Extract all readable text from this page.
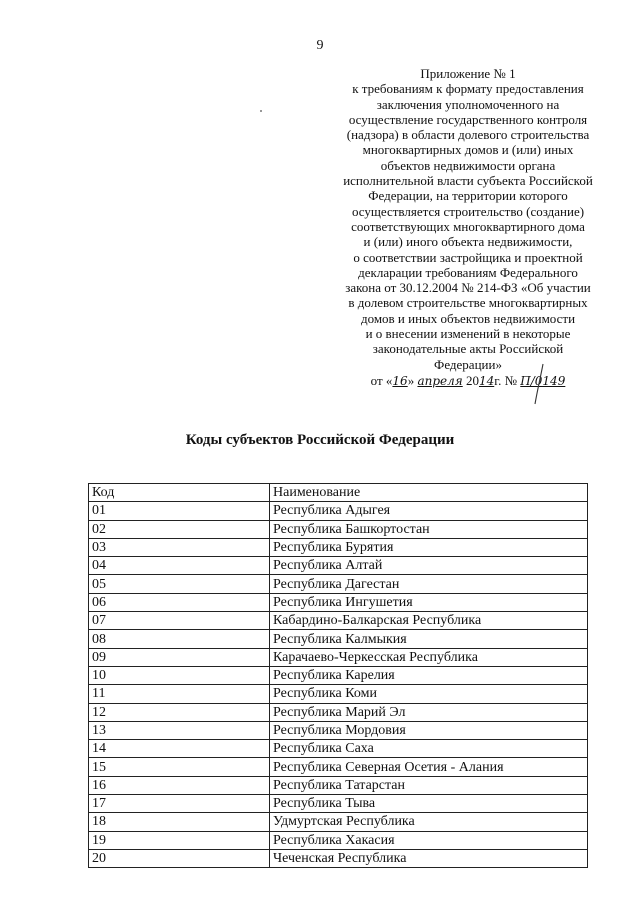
9
Приложение № 1
к требованиям к формату предоставления
заключения уполномоченного на
осуществление государственного контроля
(надзора) в области долевого строительства
многоквартирных домов и (или) иных
объектов недвижимости органа
исполнительной власти субъекта Российской
Федерации, на территории которого
осуществляется строительство (создание)
соответствующих многоквартирного дома
и (или) иного объекта недвижимости,
о соответствии застройщика и проектной
декларации требованиям Федерального
закона от 30.12.2004 № 214-ФЗ «Об участии
в долевом строительстве многоквартирных
домов и иных объектов недвижимости
и о внесении изменений в некоторые
законодательные акты Российской
Федерации»
от «16» апреля 2014г. № П/0149
Коды субъектов Российской Федерации
Код	Наименование
01	Республика Адыгея
02	Республика Башкортостан
03	Республика Бурятия
04	Республика Алтай
05	Республика Дагестан
06	Республика Ингушетия
07	Кабардино-Балкарская Республика
08	Республика Калмыкия
09	Карачаево-Черкесская Республика
10	Республика Карелия
11	Республика Коми
12	Республика Марий Эл
13	Республика Мордовия
14	Республика Саха
15	Республика Северная Осетия - Алания
16	Республика Татарстан
17	Республика Тыва
18	Удмуртская Республика
19	Республика Хакасия
20	Чеченская Республика
